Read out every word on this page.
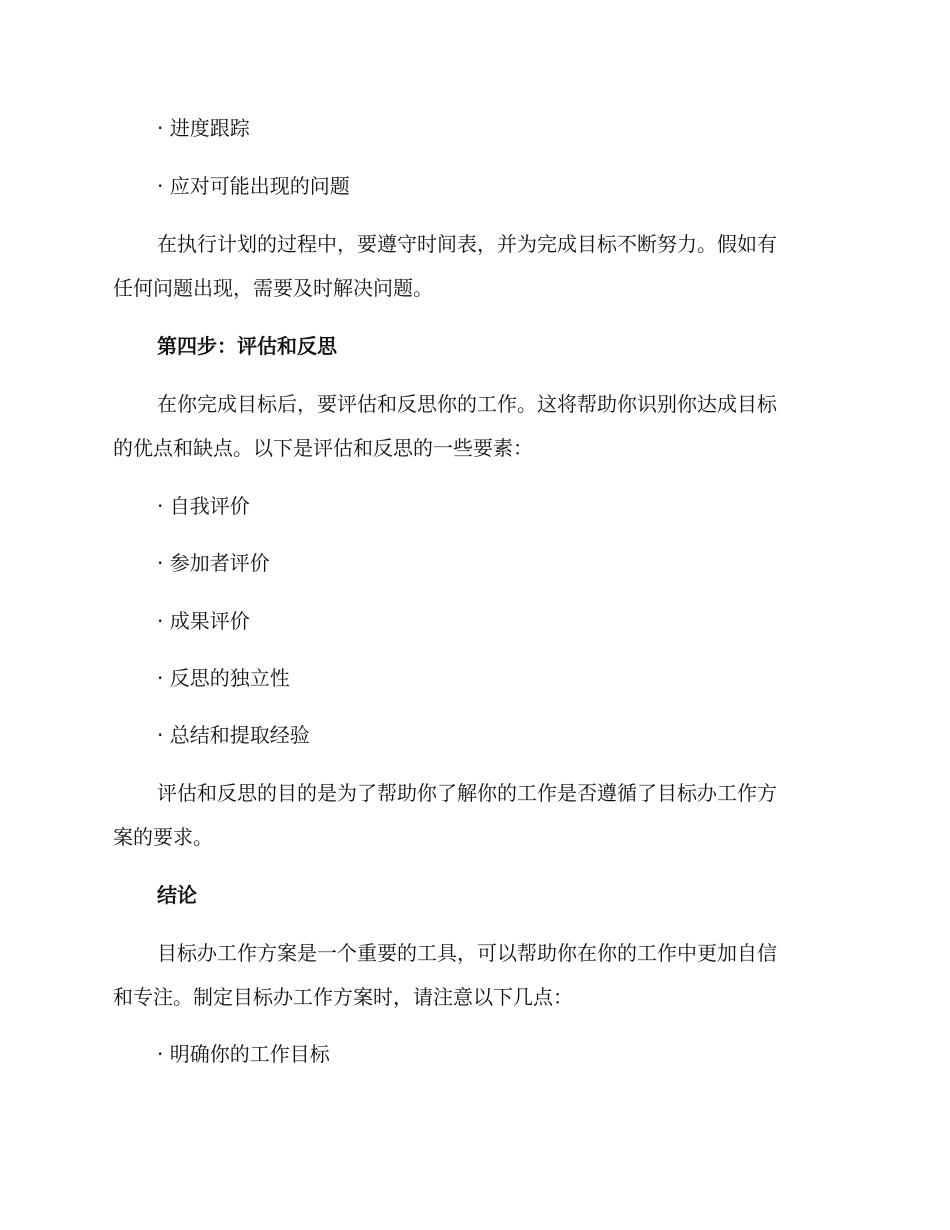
· 进度跟踪
· 应对可能出现的问题
在执行计划的过程中，要遵守时间表，并为完成目标不断努力。假如有
任何问题出现，需要及时解决问题。
第四步：评估和反思
在你完成目标后，要评估和反思你的工作。这将帮助你识别你达成目标
的优点和缺点。以下是评估和反思的一些要素：
· 自我评价
· 参加者评价
· 成果评价
· 反思的独立性
· 总结和提取经验
评估和反思的目的是为了帮助你了解你的工作是否遵循了目标办工作方
案的要求。
结论
目标办工作方案是一个重要的工具，可以帮助你在你的工作中更加自信
和专注。制定目标办工作方案时，请注意以下几点：
· 明确你的工作目标
